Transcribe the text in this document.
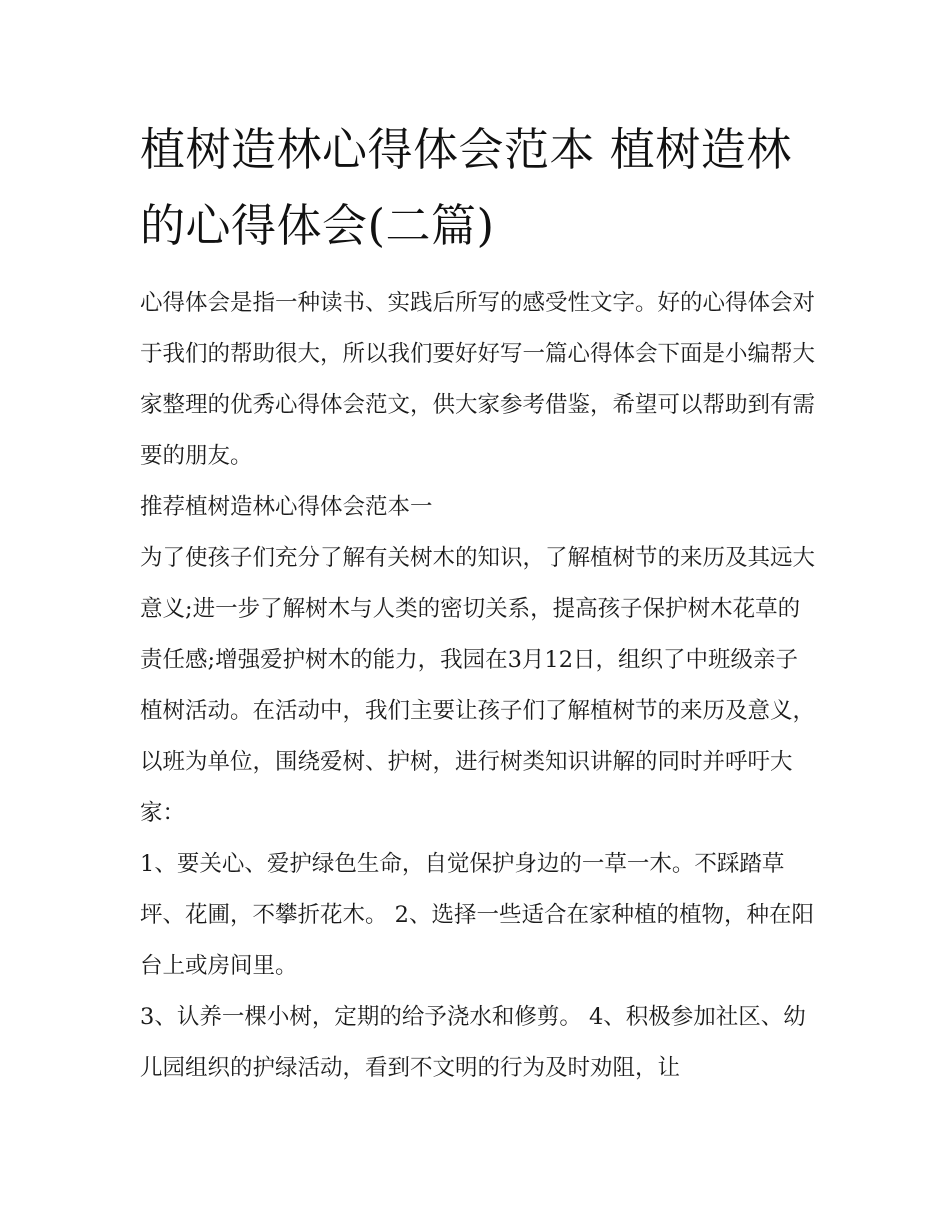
植树造林心得体会范本 植树造林的心得体会(二篇)

心得体会是指一种读书、实践后所写的感受性文字。好的心得体会对于我们的帮助很大，所以我们要好好写一篇心得体会下面是小编帮大家整理的优秀心得体会范文，供大家参考借鉴，希望可以帮助到有需要的朋友。

推荐植树造林心得体会范本一

为了使孩子们充分了解有关树木的知识，了解植树节的来历及其远大意义;进一步了解树木与人类的密切关系，提高孩子保护树木花草的责任感;增强爱护树木的能力，我园在3月12日，组织了中班级亲子植树活动。在活动中，我们主要让孩子们了解植树节的来历及意义，以班为单位，围绕爱树、护树，进行树类知识讲解的同时并呼吁大家：

1、要关心、爱护绿色生命，自觉保护身边的一草一木。不踩踏草坪、花圃，不攀折花木。 2、选择一些适合在家种植的植物，种在阳台上或房间里。

3、认养一棵小树，定期的给予浇水和修剪。 4、积极参加社区、幼儿园组织的护绿活动，看到不文明的行为及时劝阻，让
